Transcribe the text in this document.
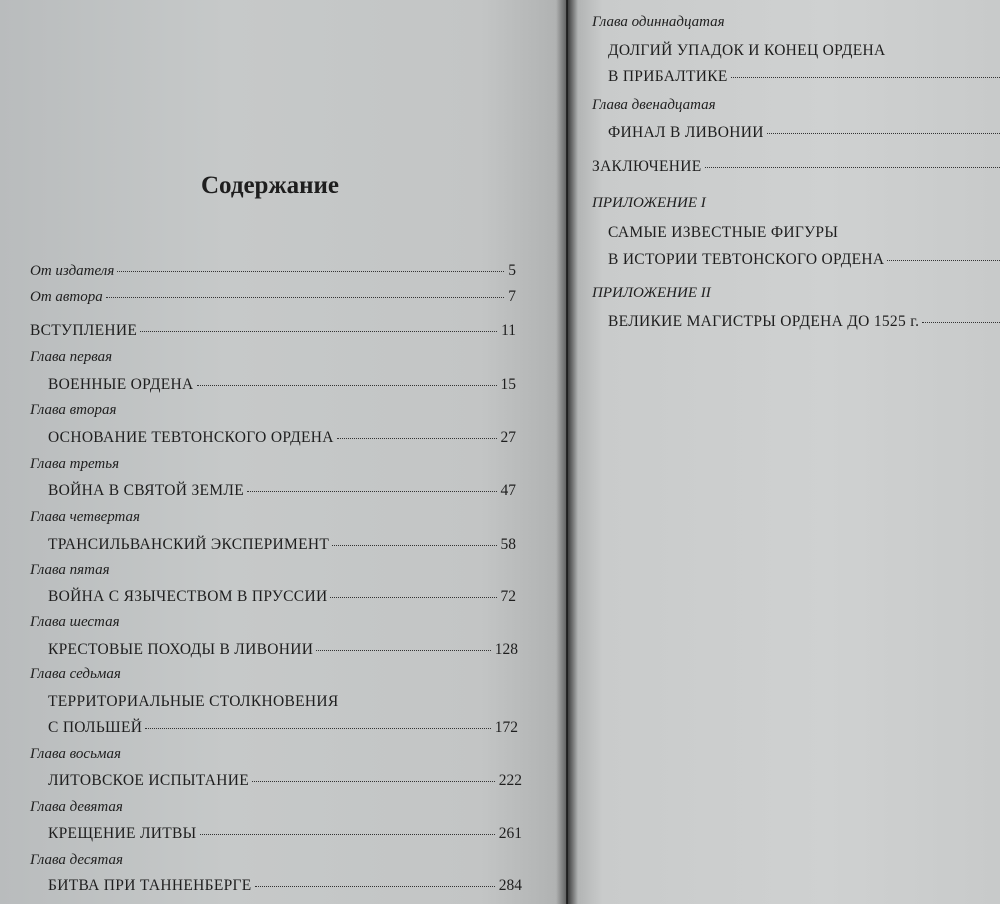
Содержание
От издателя	5
От автора	7
ВСТУПЛЕНИЕ	11
Глава первая
ВОЕННЫЕ ОРДЕНА	15
Глава вторая
ОСНОВАНИЕ ТЕВТОНСКОГО ОРДЕНА	27
Глава третья
ВОЙНА В СВЯТОЙ ЗЕМЛЕ	47
Глава четвертая
ТРАНСИЛЬВАНСКИЙ ЭКСПЕРИМЕНТ	58
Глава пятая
ВОЙНА С ЯЗЫЧЕСТВОМ В ПРУССИИ	72
Глава шестая
КРЕСТОВЫЕ ПОХОДЫ В ЛИВОНИИ	128
Глава седьмая
ТЕРРИТОРИАЛЬНЫЕ СТОЛКНОВЕНИЯ
С ПОЛЬШЕЙ	172
Глава восьмая
ЛИТОВСКОЕ ИСПЫТАНИЕ	222
Глава девятая
КРЕЩЕНИЕ ЛИТВЫ	261
Глава десятая
БИТВА ПРИ ТАННЕНБЕРГЕ	284
Глава одиннадцатая
ДОЛГИЙ УПАДОК И КОНЕЦ ОРДЕНА
В ПРИБАЛТИКЕ
Глава двенадцатая
ФИНАЛ В ЛИВОНИИ
ЗАКЛЮЧЕНИЕ
ПРИЛОЖЕНИЕ I
САМЫЕ ИЗВЕСТНЫЕ ФИГУРЫ
В ИСТОРИИ ТЕВТОНСКОГО ОРДЕНА
ПРИЛОЖЕНИЕ II
ВЕЛИКИЕ МАГИСТРЫ ОРДЕНА ДО 1525 г.
